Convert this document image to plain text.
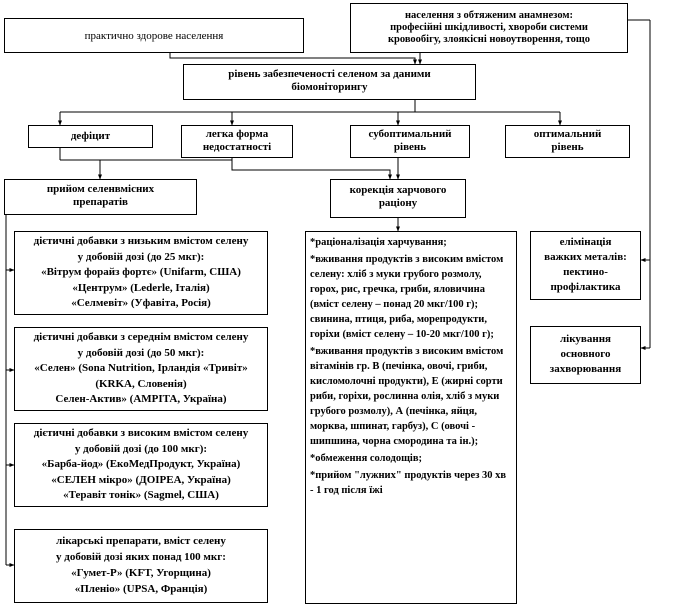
практично здорове населення
населення з обтяженим анамнезом:
професійні шкідливості, хвороби системи
кровообігу, злоякісні новоутворення, тощо
рівень забезпеченості селеном за даними
біомоніторингу
дефіцит	легка форма
недостатності
субоптимальний
рівень
оптимальний
рівень
прийом селенвмісних
препаратів
корекція харчового
раціону
дієтичні добавки з низьким вмістом селену
у добовій дозі (до 25 мкг):
«Вітрум форайз фортє» (Unifarm, США)
«Центрум» (Lederle, Італія)
«Селмевіт» (Уфавіта, Росія)
дієтичні добавки з середнім вмістом селену
у добовій дозі (до 50 мкг):
«Селен» (Sona Nutrition, Ірландія «Тривіт»
(KRKA, Словенія)
Селен-Актив» (АМРІТА, Україна)
дієтичні добавки з високим вмістом селену
у добовій дозі (до 100 мкг):
«Барба-йод» (ЕкоМедПродукт, Україна)
«СЕЛЕН мікро» (ДОІРЕА, Україна)
«Теравіт тонік» (Sagmel, США)
лікарські препарати, вміст селену
у добовій дозі яких понад 100 мкг:
«Гумет-Р» (KFT, Угорщина)
«Пленіо» (UPSA, Франція)
*раціоналізація харчування;
*вживання продуктів з високим вмістом селену: хліб з муки грубого розмолу, горох, рис, гречка, гриби, яловичина (вміст селену – понад 20 мкг/100 г); свинина, птиця, риба, морепродукти, горіхи (вміст селену – 10-20 мкг/100 г);
*вживання продуктів з високим вмістом вітамінів гр. В (печінка, овочі, гриби, кисломолочні продукти), Е (жирні сорти риби, горіхи, рослинна олія, хліб з муки грубого розмолу), А (печінка, яйця, морква, шпинат, гарбуз), С (овочі - шипшина, чорна смородина та ін.);
*обмеження солодощів;
*прийом "лужних" продуктів через 30 хв - 1 год після їжі
елімінація
важких металів:
пектино-
профілактика
лікування
основного
захворювання
